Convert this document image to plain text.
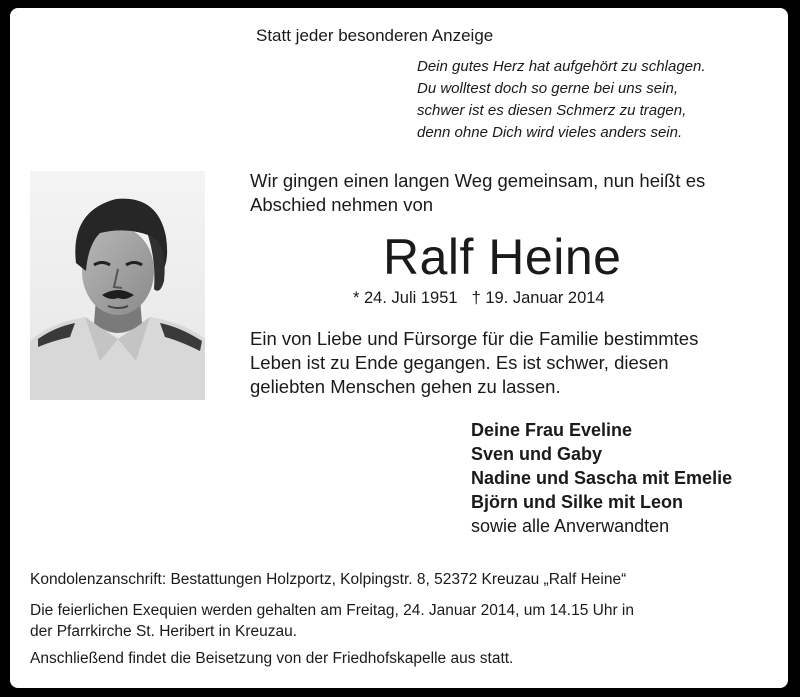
Statt jeder besonderen Anzeige
Dein gutes Herz hat aufgehört zu schlagen.
Du wolltest doch so gerne bei uns sein,
schwer ist es diesen Schmerz zu tragen,
denn ohne Dich wird vieles anders sein.
Wir gingen einen langen Weg gemeinsam, nun heißt es
Abschied nehmen von
Ralf Heine
* 24. Juli 1951 † 19. Januar 2014
Ein von Liebe und Fürsorge für die Familie bestimmtes
Leben ist zu Ende gegangen. Es ist schwer, diesen
geliebten Menschen gehen zu lassen.
Deine Frau Eveline
Sven und Gaby
Nadine und Sascha mit Emelie
Björn und Silke mit Leon
sowie alle Anverwandten
Kondolenzanschrift: Bestattungen Holzportz, Kolpingstr. 8, 52372 Kreuzau „Ralf Heine“
Die feierlichen Exequien werden gehalten am Freitag, 24. Januar 2014, um 14.15 Uhr in
der Pfarrkirche St. Heribert in Kreuzau.
Anschließend findet die Beisetzung von der Friedhofskapelle aus statt.
